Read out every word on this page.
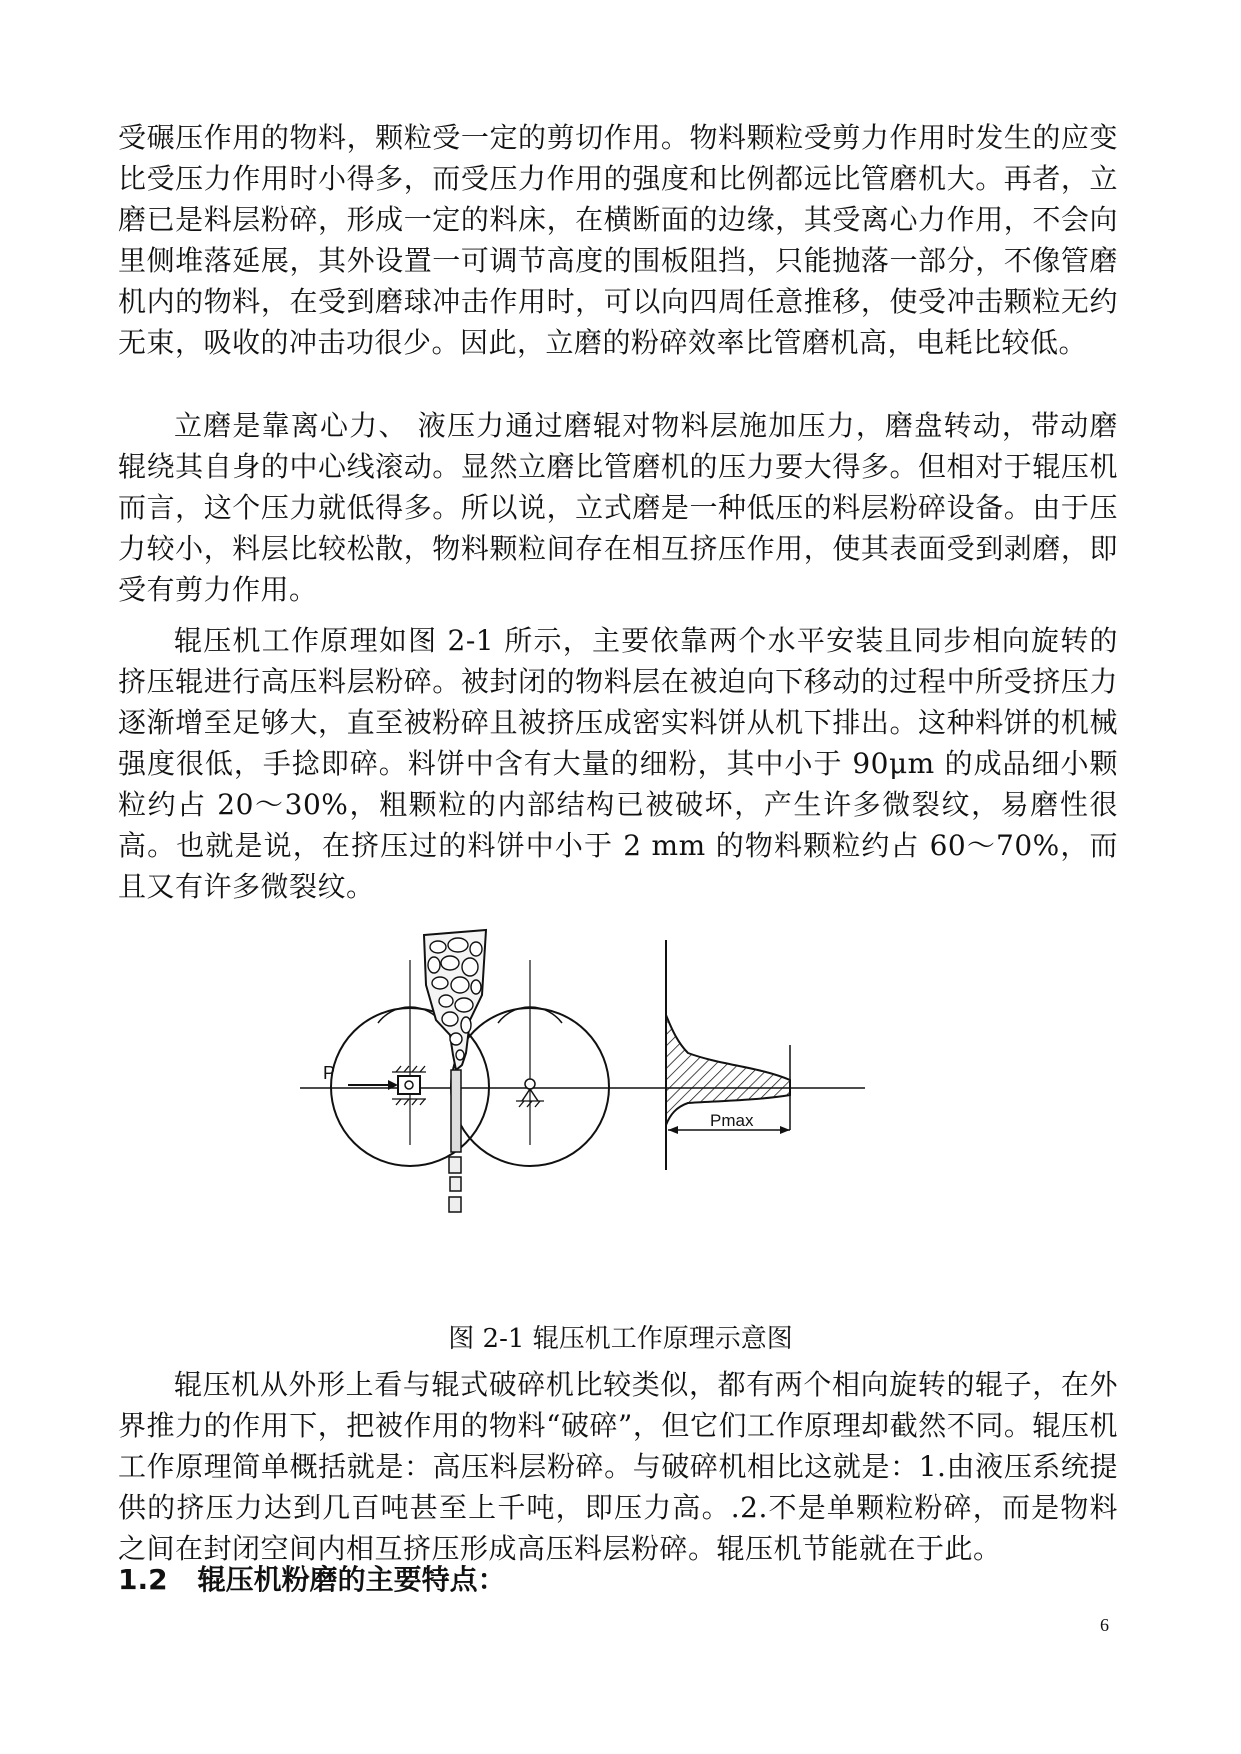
受碾压作用的物料，颗粒受一定的剪切作用。物料颗粒受剪力作用时发生的应变比受压力作用时小得多，而受压力作用的强度和比例都远比管磨机大。再者，立磨已是料层粉碎，形成一定的料床，在横断面的边缘，其受离心力作用，不会向里侧堆落延展，其外设置一可调节高度的围板阻挡，只能抛落一部分，不像管磨机内的物料，在受到磨球冲击作用时，可以向四周任意推移，使受冲击颗粒无约无束，吸收的冲击功很少。因此，立磨的粉碎效率比管磨机高，电耗比较低。

立磨是靠离心力、 液压力通过磨辊对物料层施加压力，磨盘转动，带动磨辊绕其自身的中心线滚动。显然立磨比管磨机的压力要大得多。但相对于辊压机而言，这个压力就低得多。所以说，立式磨是一种低压的料层粉碎设备。由于压力较小，料层比较松散，物料颗粒间存在相互挤压作用，使其表面受到剥磨，即受有剪力作用。

辊压机工作原理如图 2-1 所示，主要依靠两个水平安装且同步相向旋转的挤压辊进行高压料层粉碎。被封闭的物料层在被迫向下移动的过程中所受挤压力逐渐增至足够大，直至被粉碎且被挤压成密实料饼从机下排出。这种料饼的机械强度很低，手捻即碎。料饼中含有大量的细粉，其中小于 90μm 的成品细小颗粒约占 20～30%，粗颗粒的内部结构已被破坏，产生许多微裂纹，易磨性很高。也就是说，在挤压过的料饼中小于 2 mm 的物料颗粒约占 60～70%，而且又有许多微裂纹。

P
Pmax
图 2-1 辊压机工作原理示意图

辊压机从外形上看与辊式破碎机比较类似，都有两个相向旋转的辊子，在外界推力的作用下，把被作用的物料“破碎”，但它们工作原理却截然不同。辊压机工作原理简单概括就是：高压料层粉碎。与破碎机相比这就是：1.由液压系统提供的挤压力达到几百吨甚至上千吨，即压力高。.2.不是单颗粒粉碎，而是物料之间在封闭空间内相互挤压形成高压料层粉碎。辊压机节能就在于此。

1.2 辊压机粉磨的主要特点：
6
